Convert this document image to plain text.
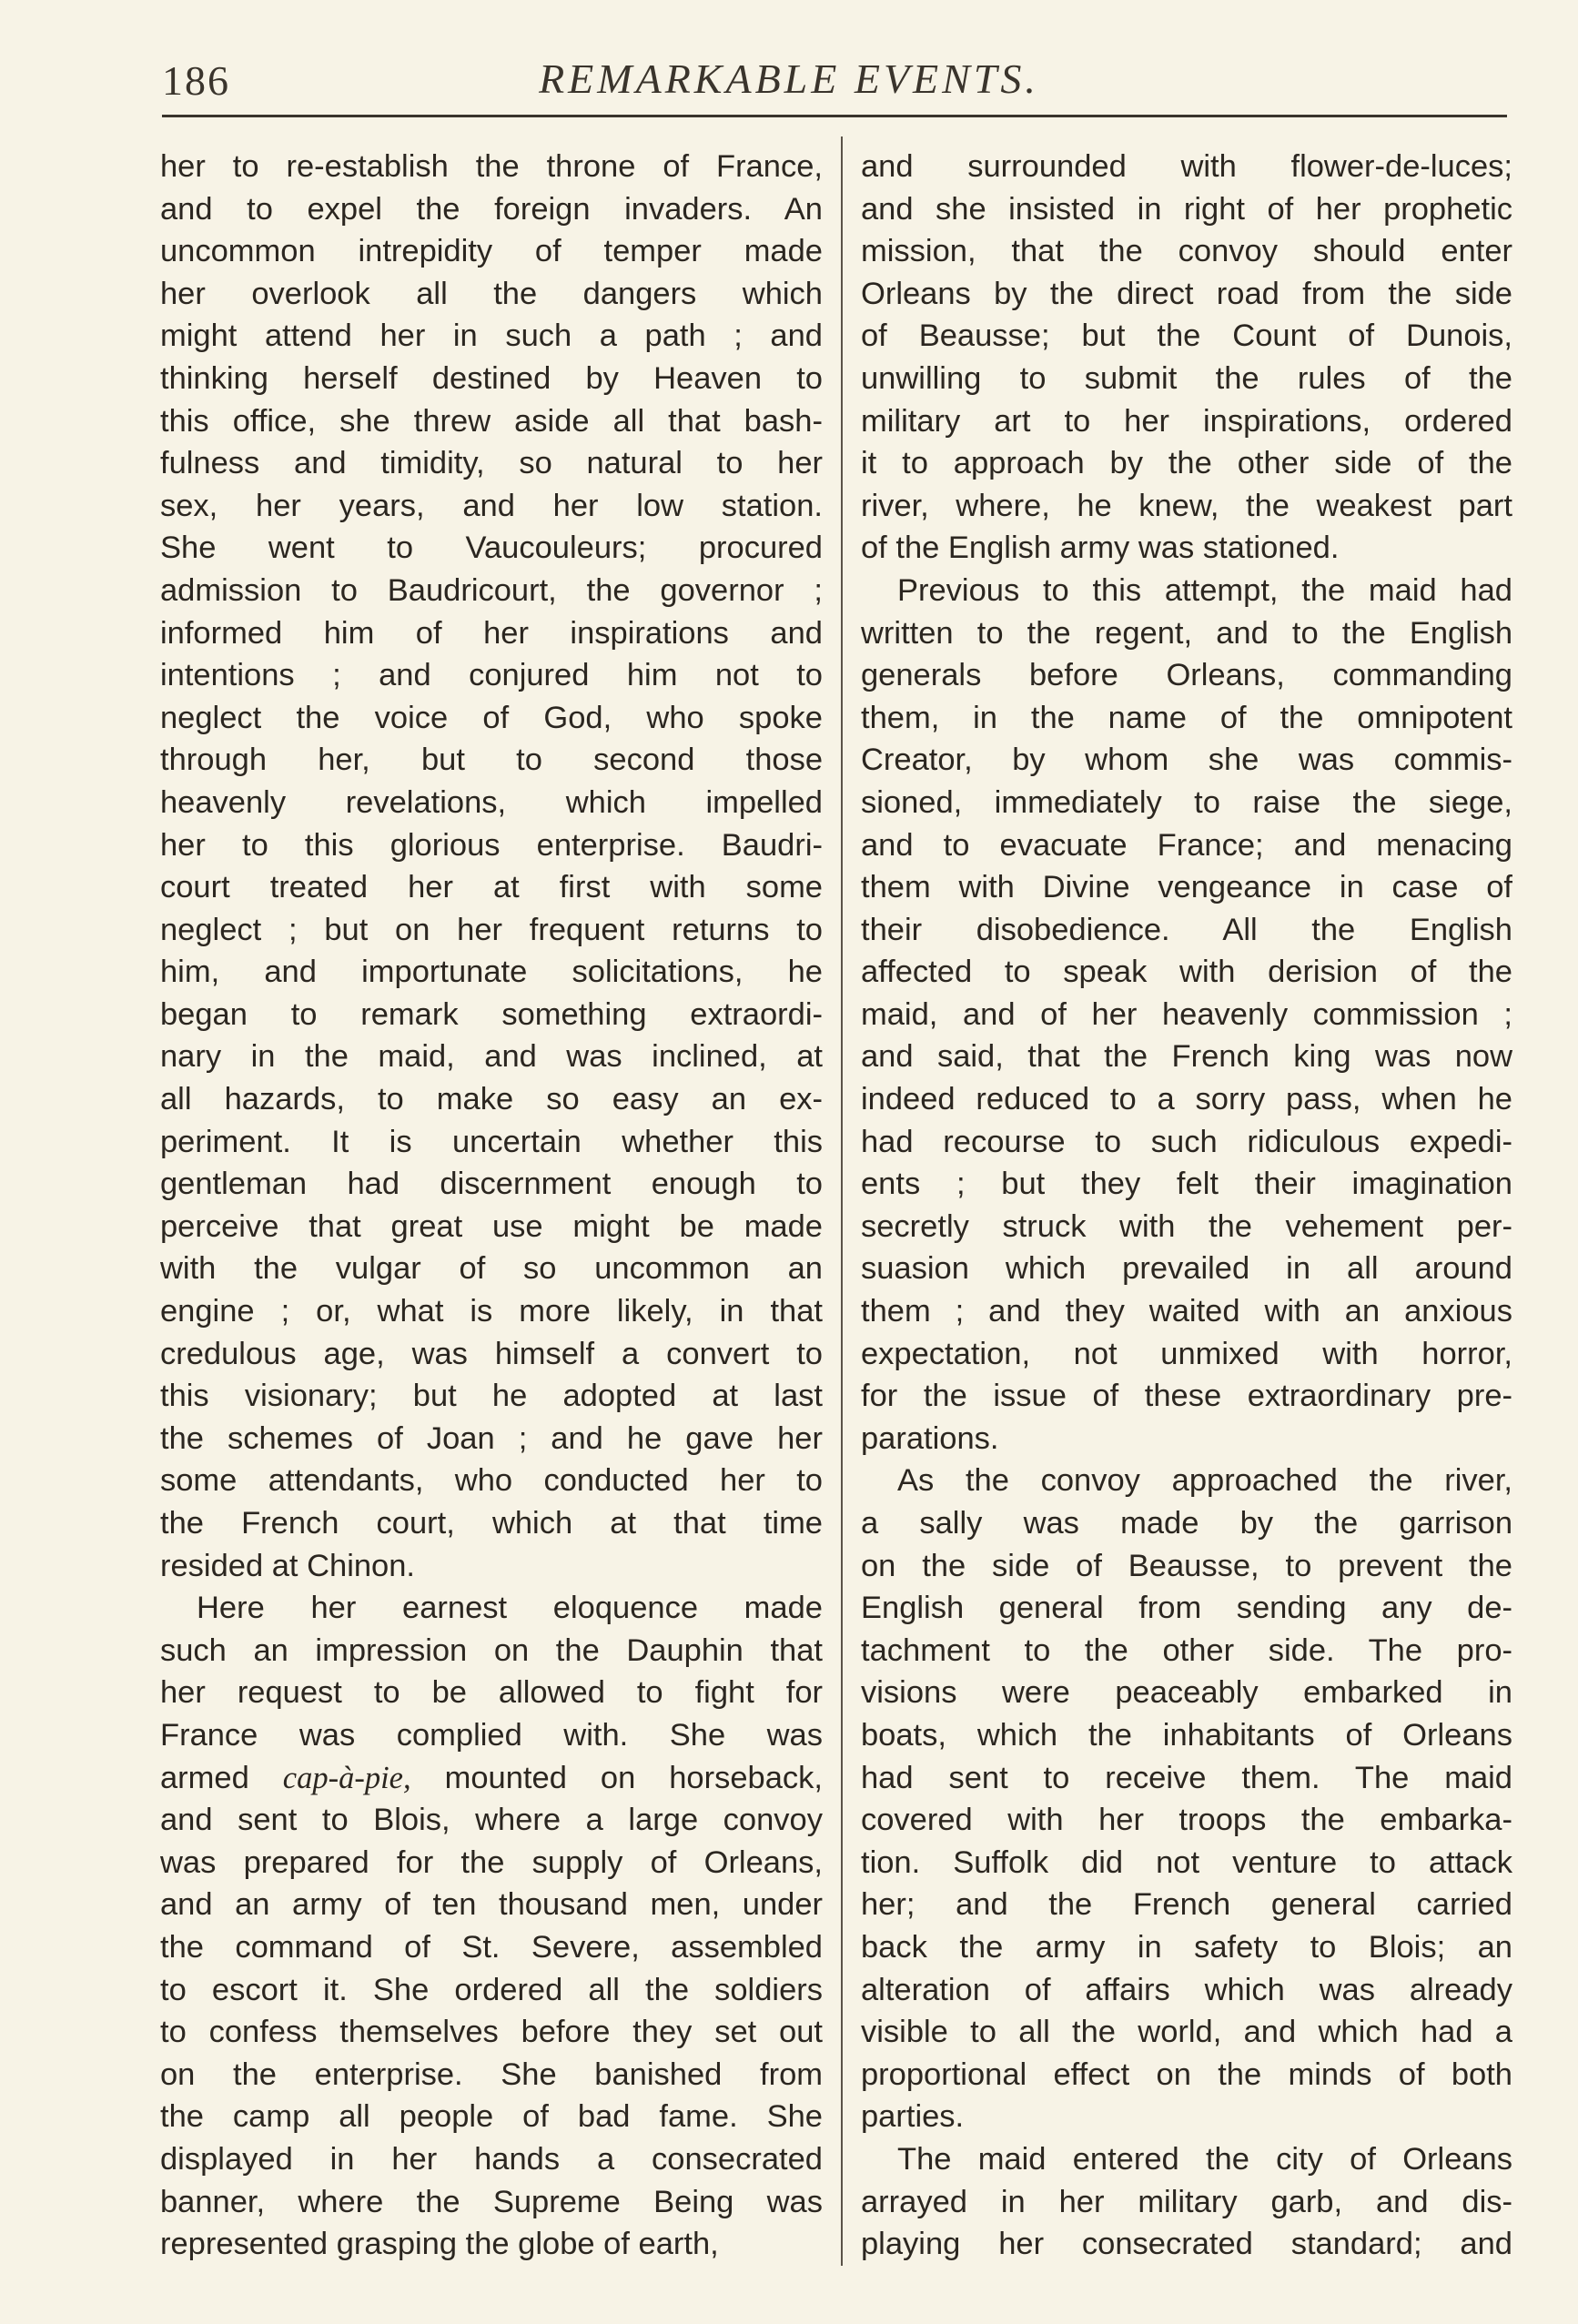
186	REMARKABLE EVENTS.
her to re-establish the throne of France,
and to expel the foreign invaders. An
uncommon intrepidity of temper made
her overlook all the dangers which
might attend her in such a path ; and
thinking herself destined by Heaven to
this office, she threw aside all that bash-
fulness and timidity, so natural to her
sex, her years, and her low station.
She went to Vaucouleurs; procured
admission to Baudricourt, the governor ;
informed him of her inspirations and
intentions ; and conjured him not to
neglect the voice of God, who spoke
through her, but to second those
heavenly revelations, which impelled
her to this glorious enterprise. Baudri-
court treated her at first with some
neglect ; but on her frequent returns to
him, and importunate solicitations, he
began to remark something extraordi-
nary in the maid, and was inclined, at
all hazards, to make so easy an ex-
periment. It is uncertain whether this
gentleman had discernment enough to
perceive that great use might be made
with the vulgar of so uncommon an
engine ; or, what is more likely, in that
credulous age, was himself a convert to
this visionary; but he adopted at last
the schemes of Joan ; and he gave her
some attendants, who conducted her to
the French court, which at that time
resided at Chinon.
Here her earnest eloquence made
such an impression on the Dauphin that
her request to be allowed to fight for
France was complied with. She was
armed cap-à-pie, mounted on horseback,
and sent to Blois, where a large convoy
was prepared for the supply of Orleans,
and an army of ten thousand men, under
the command of St. Severe, assembled
to escort it. She ordered all the soldiers
to confess themselves before they set out
on the enterprise. She banished from
the camp all people of bad fame. She
displayed in her hands a consecrated
banner, where the Supreme Being was
represented grasping the globe of earth,
and surrounded with flower-de-luces;
and she insisted in right of her prophetic
mission, that the convoy should enter
Orleans by the direct road from the side
of Beausse; but the Count of Dunois,
unwilling to submit the rules of the
military art to her inspirations, ordered
it to approach by the other side of the
river, where, he knew, the weakest part
of the English army was stationed.
Previous to this attempt, the maid had
written to the regent, and to the English
generals before Orleans, commanding
them, in the name of the omnipotent
Creator, by whom she was commis-
sioned, immediately to raise the siege,
and to evacuate France; and menacing
them with Divine vengeance in case of
their disobedience. All the English
affected to speak with derision of the
maid, and of her heavenly commission ;
and said, that the French king was now
indeed reduced to a sorry pass, when he
had recourse to such ridiculous expedi-
ents ; but they felt their imagination
secretly struck with the vehement per-
suasion which prevailed in all around
them ; and they waited with an anxious
expectation, not unmixed with horror,
for the issue of these extraordinary pre-
parations.
As the convoy approached the river,
a sally was made by the garrison
on the side of Beausse, to prevent the
English general from sending any de-
tachment to the other side. The pro-
visions were peaceably embarked in
boats, which the inhabitants of Orleans
had sent to receive them. The maid
covered with her troops the embarka-
tion. Suffolk did not venture to attack
her; and the French general carried
back the army in safety to Blois; an
alteration of affairs which was already
visible to all the world, and which had a
proportional effect on the minds of both
parties.
The maid entered the city of Orleans
arrayed in her military garb, and dis-
playing her consecrated standard; and
